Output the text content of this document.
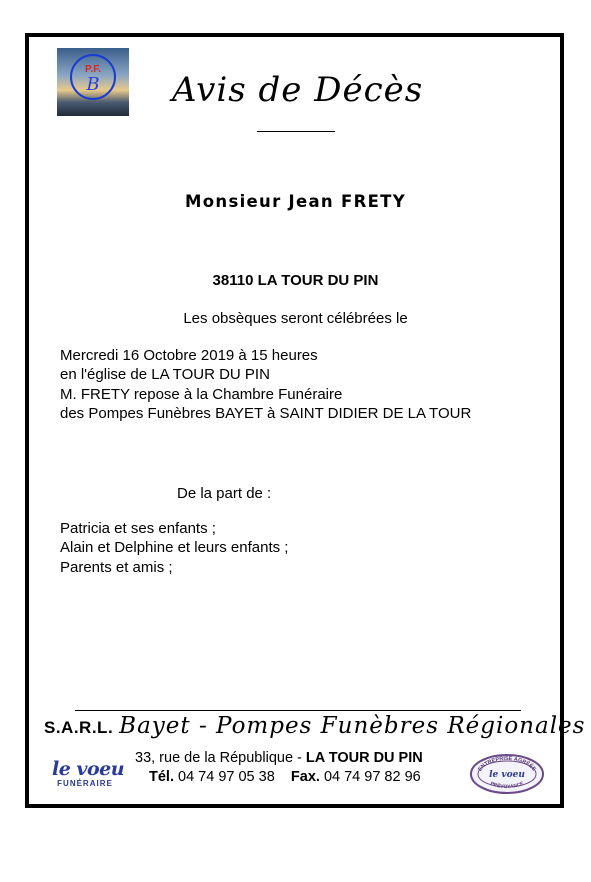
P.F.
B	Avis de Décès
Monsieur Jean FRETY
38110 LA TOUR DU PIN
Les obsèques seront célébrées le
Mercredi 16 Octobre 2019 à 15 heures
en l'église de LA TOUR DU PIN
M. FRETY repose à la Chambre Funéraire
des Pompes Funèbres BAYET à SAINT DIDIER DE LA TOUR
De la part de :
Patricia et ses enfants ;
Alain et Delphine et leurs enfants ;
Parents et amis ;
S.A.R.L. Bayet - Pompes Funèbres Régionales
le voeu
FUNÉRAIRE
33, rue de la République - LA TOUR DU PIN
Tél. 04 74 97 05 38 Fax. 04 74 97 82 96	ENTREPRISE AGRÉÉE
le voeu
PRÉVOYANCE
